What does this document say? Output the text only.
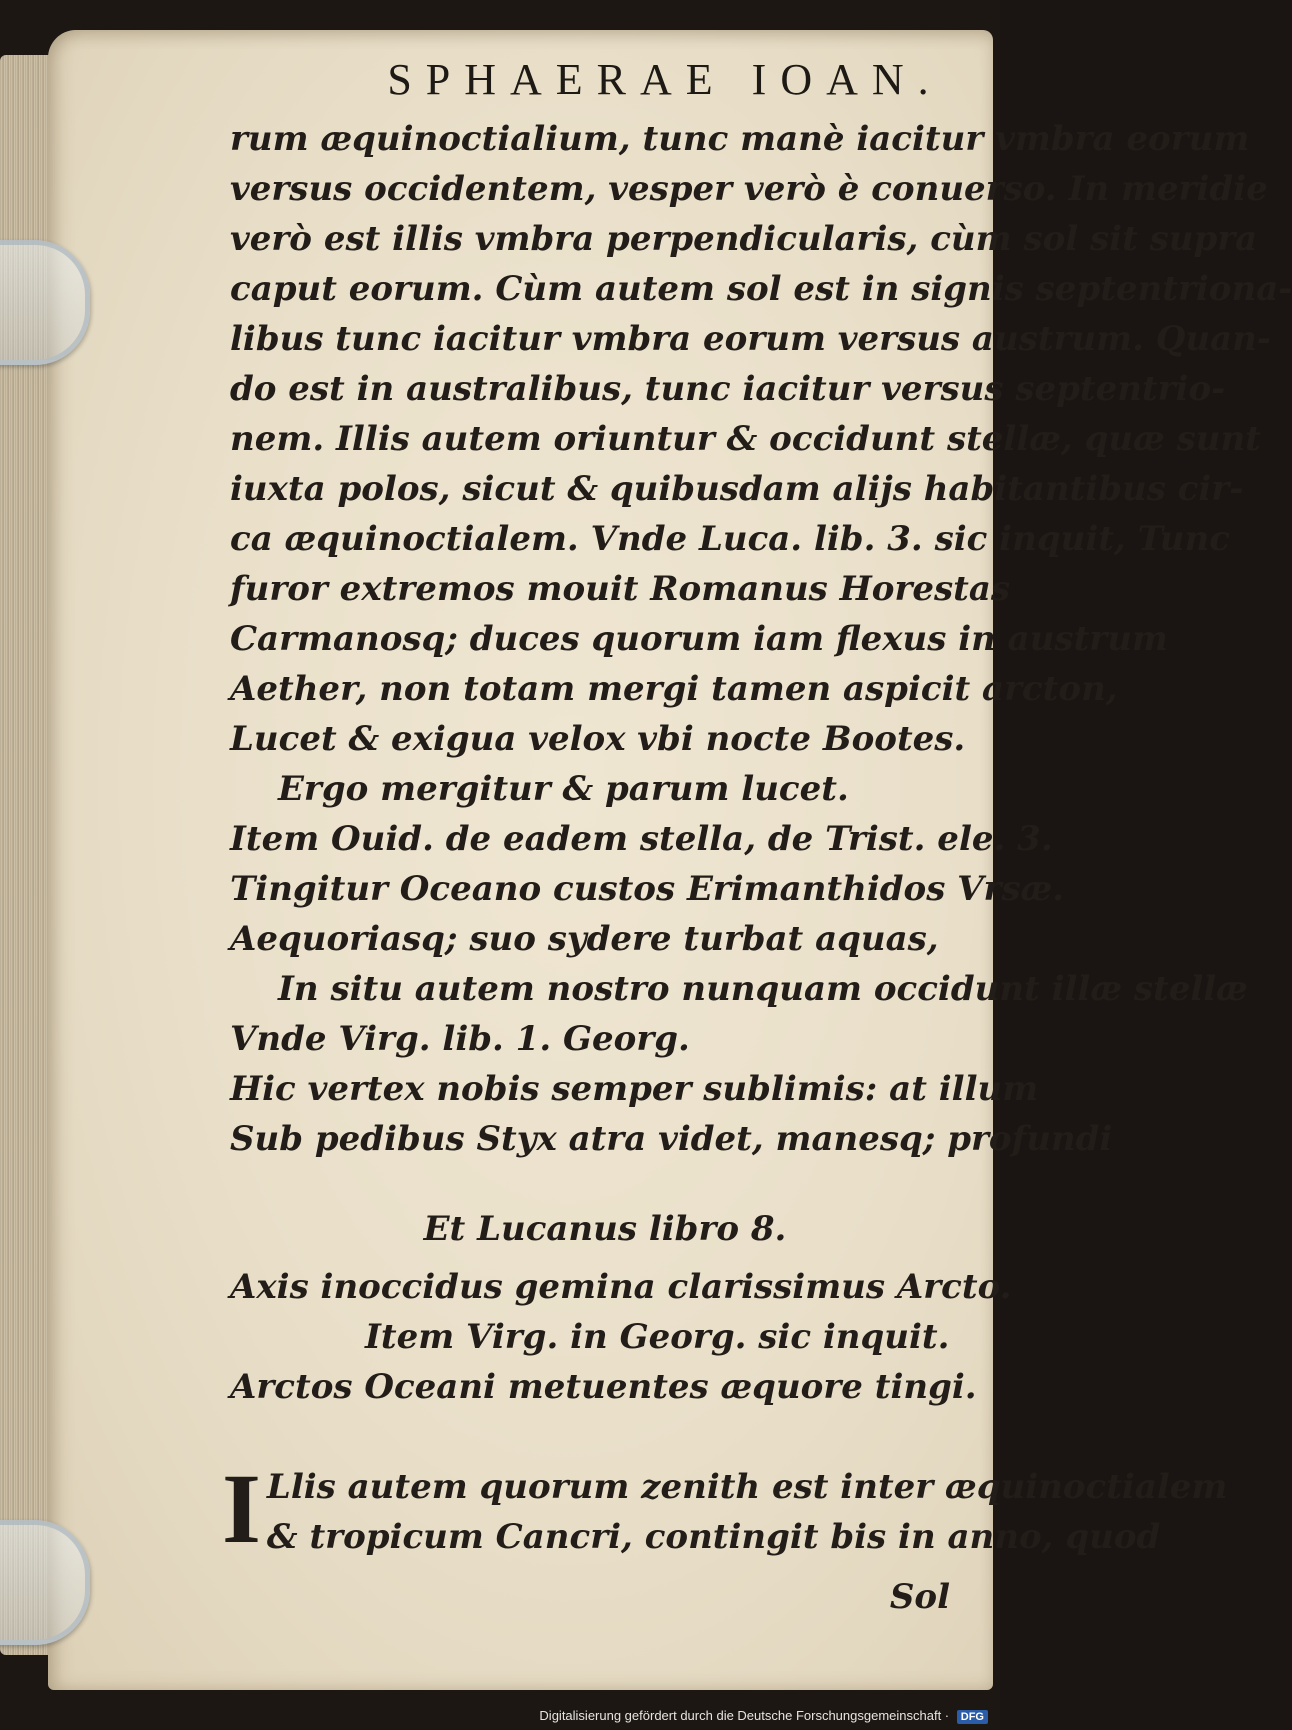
SPHAERAE IOAN.

rum æquinoctialium, tunc manè iacitur vmbra eorum

versus occidentem, vesper verò è conuerso. In meridie

verò est illis vmbra perpendicularis, cùm sol sit supra

caput eorum. Cùm autem sol est in signis septentriona-

libus tunc iacitur vmbra eorum versus austrum. Quan-

do est in australibus, tunc iacitur versus septentrio-

nem. Illis autem oriuntur & occidunt stellæ, quæ sunt

iuxta polos, sicut & quibusdam alijs habitantibus cir-

ca æquinoctialem. Vnde Luca. lib. 3. sic inquit, Tunc

furor extremos mouit Romanus Horestas

Carmanosq; duces quorum iam flexus in austrum

Aether, non totam mergi tamen aspicit arcton,

Lucet & exigua velox vbi nocte Bootes.

Ergo mergitur & parum lucet.

Item Ouid. de eadem stella, de Trist. ele. 3.

Tingitur Oceano custos Erimanthidos Vrsæ.

Aequoriasq; suo sydere turbat aquas,

In situ autem nostro nunquam occidunt illæ stellæ

Vnde Virg. lib. 1. Georg.

Hic vertex nobis semper sublimis: at illum

Sub pedibus Styx atra videt, manesq; profundi

Et Lucanus libro 8.

Axis inoccidus gemina clarissimus Arcto.

Item Virg. in Georg. sic inquit.

Arctos Oceani metuentes æquore tingi.

I Llis autem quorum zenith est inter æquinoctialem

& tropicum Cancri, contingit bis in anno, quod

Sol
Digitalisierung gefördert durch die Deutsche Forschungsgemeinschaft · DFG
